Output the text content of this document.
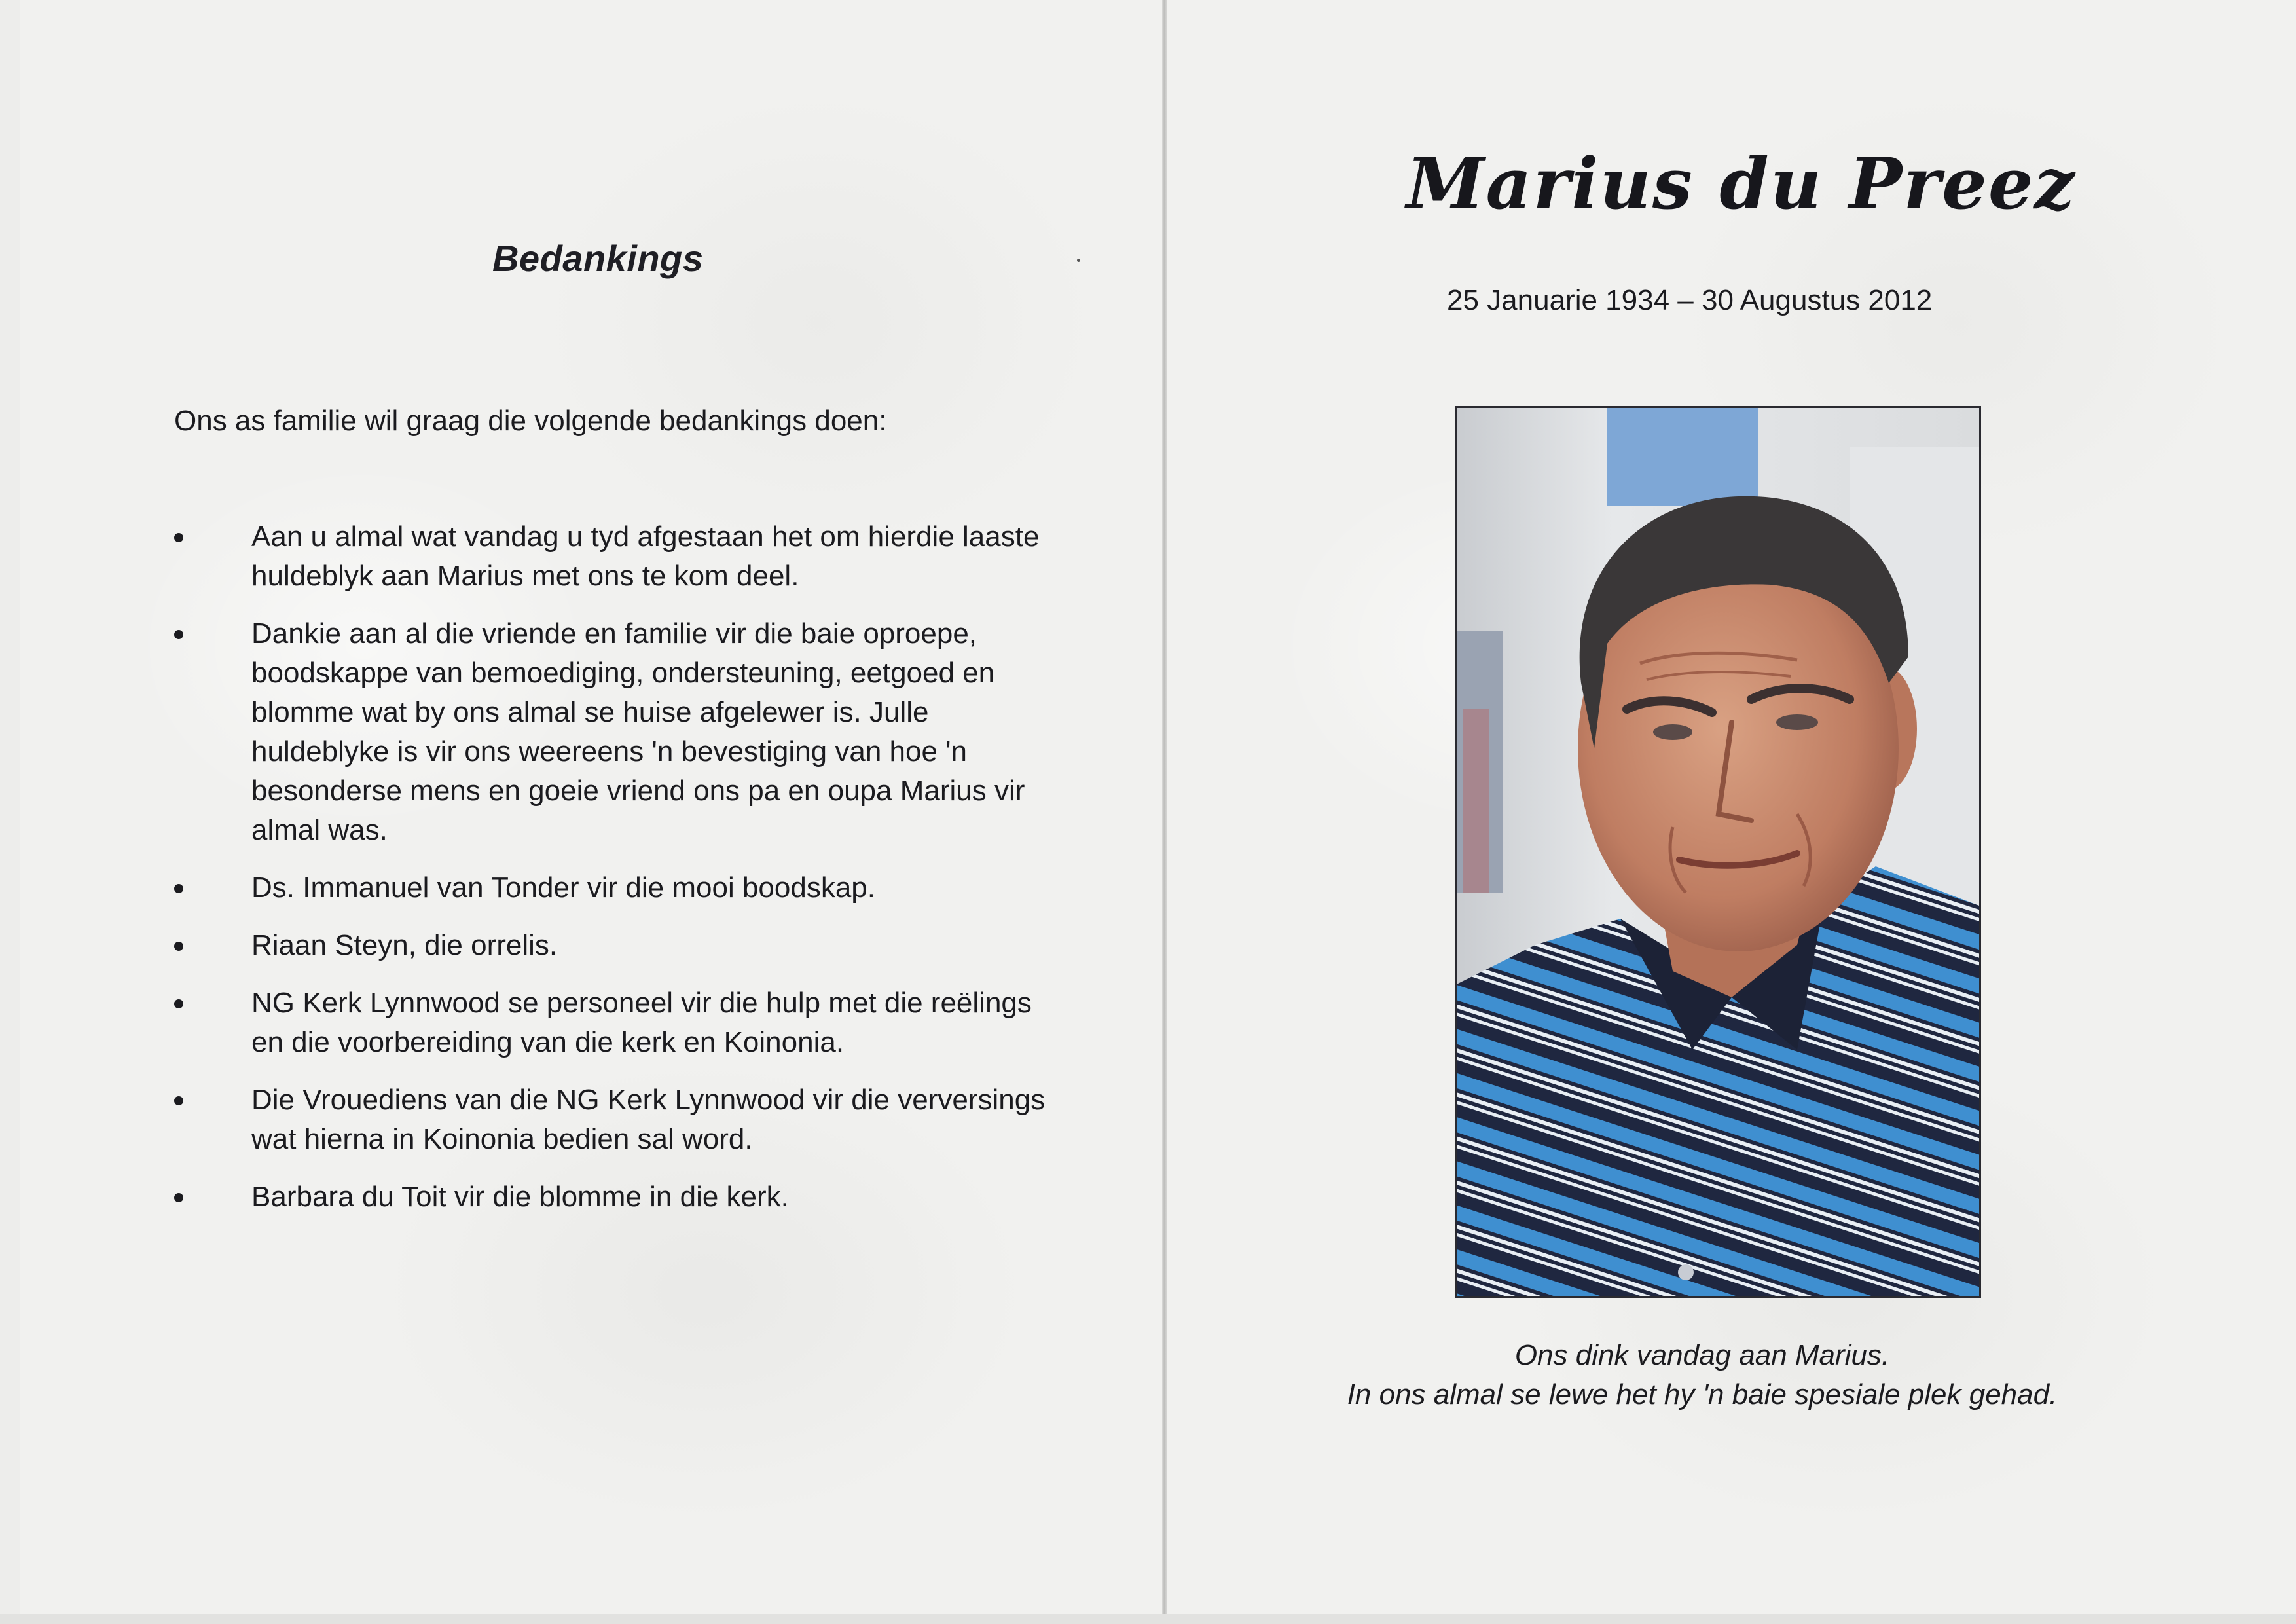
Bedankings
Ons as familie wil graag die volgende bedankings doen:
Aan u almal wat vandag u tyd afgestaan het om hierdie laaste huldeblyk aan Marius met ons te kom deel.
Dankie aan al die vriende en familie vir die baie oproepe, boodskappe van bemoediging, ondersteuning, eetgoed en blomme wat by ons almal se huise afgelewer is. Julle huldeblyke is vir ons weereens 'n bevestiging van hoe 'n besonderse mens en goeie vriend ons pa en oupa Marius vir almal was.
Ds. Immanuel van Tonder vir die mooi boodskap.
Riaan Steyn, die orrelis.
NG Kerk Lynnwood se personeel vir die hulp met die reëlings en die voorbereiding van die kerk en Koinonia.
Die Vrouediens van die NG Kerk Lynnwood vir die verversings wat hierna in Koinonia bedien sal word.
Barbara du Toit vir die blomme in die kerk.
Marius du Preez
25 Januarie 1934 – 30 Augustus 2012
Ons dink vandag aan Marius.
In ons almal se lewe het hy 'n baie spesiale plek gehad.
